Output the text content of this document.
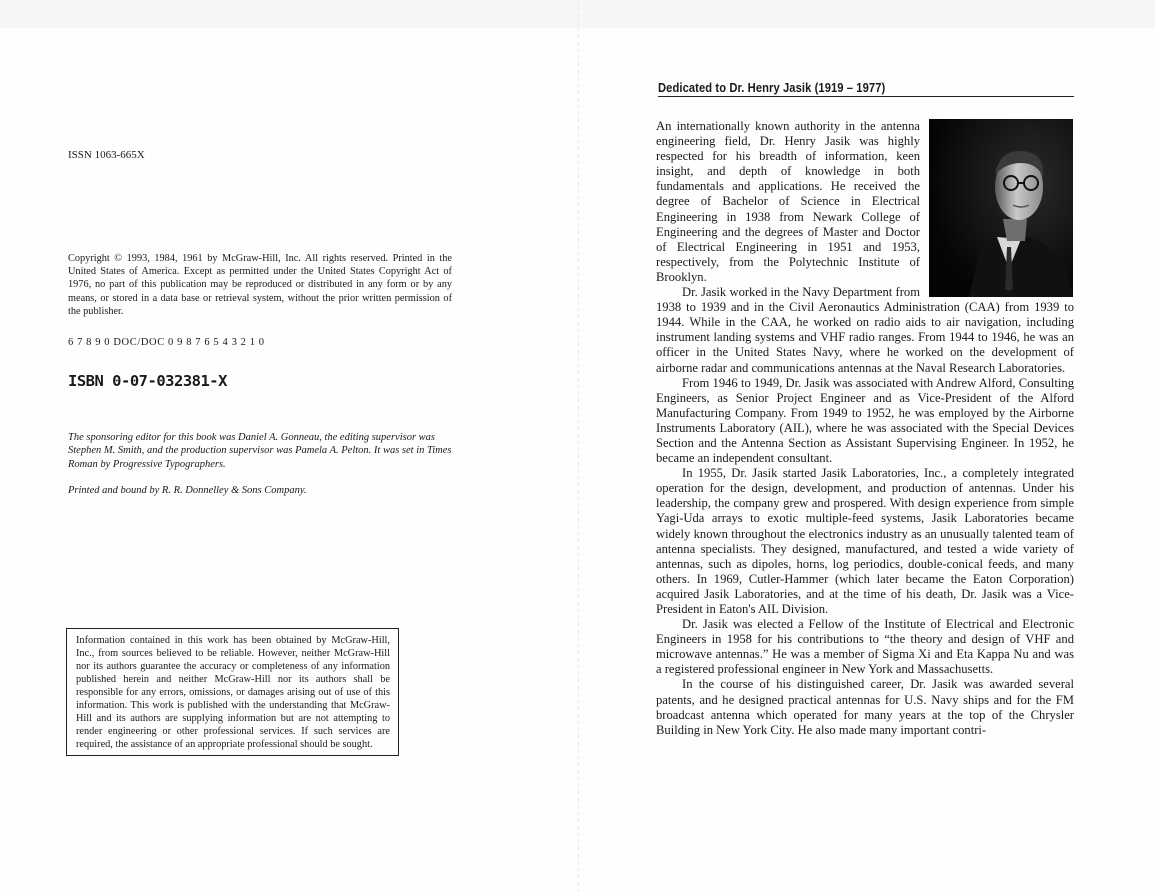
ISSN 1063-665X
Copyright © 1993, 1984, 1961 by McGraw-Hill, Inc. All rights reserved. Printed in the United States of America. Except as permitted under the United States Copyright Act of 1976, no part of this publication may be reproduced or distributed in any form or by any means, or stored in a data base or retrieval system, without the prior written permission of the publisher.
6 7 8 9 0 DOC/DOC 0 9 8 7 6 5 4 3 2 1 0
ISBN 0-07-032381-X
The sponsoring editor for this book was Daniel A. Gonneau, the editing supervisor was Stephen M. Smith, and the production supervisor was Pamela A. Pelton. It was set in Times Roman by Progressive Typographers.
Printed and bound by R. R. Donnelley & Sons Company.
Information contained in this work has been obtained by McGraw-Hill, Inc., from sources believed to be reliable. However, neither McGraw-Hill nor its authors guarantee the accuracy or completeness of any information published herein and neither McGraw-Hill nor its authors shall be responsible for any errors, omissions, or damages arising out of use of this information. This work is published with the understanding that McGraw-Hill and its authors are supplying information but are not attempting to render engineering or other professional services. If such services are required, the assistance of an appropriate professional should be sought.
Dedicated to Dr. Henry Jasik (1919 – 1977)

An internationally known authority in the antenna engineering field, Dr. Henry Jasik was highly respected for his breadth of information, keen insight, and depth of knowledge in both fundamentals and applications. He received the degree of Bachelor of Science in Electrical Engineering in 1938 from Newark College of Engineering and the degrees of Master and Doctor of Electrical Engineering in 1951 and 1953, respectively, from the Polytechnic Institute of Brooklyn.

Dr. Jasik worked in the Navy Department from 1938 to 1939 and in the Civil Aeronautics Administration (CAA) from 1939 to 1944. While in the CAA, he worked on radio aids to air navigation, including instrument landing systems and VHF radio ranges. From 1944 to 1946, he was an officer in the United States Navy, where he worked on the development of airborne radar and communications antennas at the Naval Research Laboratories.

From 1946 to 1949, Dr. Jasik was associated with Andrew Alford, Consulting Engineers, as Senior Project Engineer and as Vice-President of the Alford Manufacturing Company. From 1949 to 1952, he was employed by the Airborne Instruments Laboratory (AIL), where he was associated with the Special Devices Section and the Antenna Section as Assistant Supervising Engineer. In 1952, he became an independent consultant.

In 1955, Dr. Jasik started Jasik Laboratories, Inc., a completely integrated operation for the design, development, and production of antennas. Under his leadership, the company grew and prospered. With design experience from simple Yagi-Uda arrays to exotic multiple-feed systems, Jasik Laboratories became widely known throughout the electronics industry as an unusually talented team of antenna specialists. They designed, manufactured, and tested a wide variety of antennas, such as dipoles, horns, log periodics, double-conical feeds, and many others. In 1969, Cutler-Hammer (which later became the Eaton Corporation) acquired Jasik Laboratories, and at the time of his death, Dr. Jasik was a Vice-President in Eaton's AIL Division.

Dr. Jasik was elected a Fellow of the Institute of Electrical and Electronic Engineers in 1958 for his contributions to “the theory and design of VHF and microwave antennas.” He was a member of Sigma Xi and Eta Kappa Nu and was a registered professional engineer in New York and Massachusetts.

In the course of his distinguished career, Dr. Jasik was awarded several patents, and he designed practical antennas for U.S. Navy ships and for the FM broadcast antenna which operated for many years at the top of the Chrysler Building in New York City. He also made many important contri-
